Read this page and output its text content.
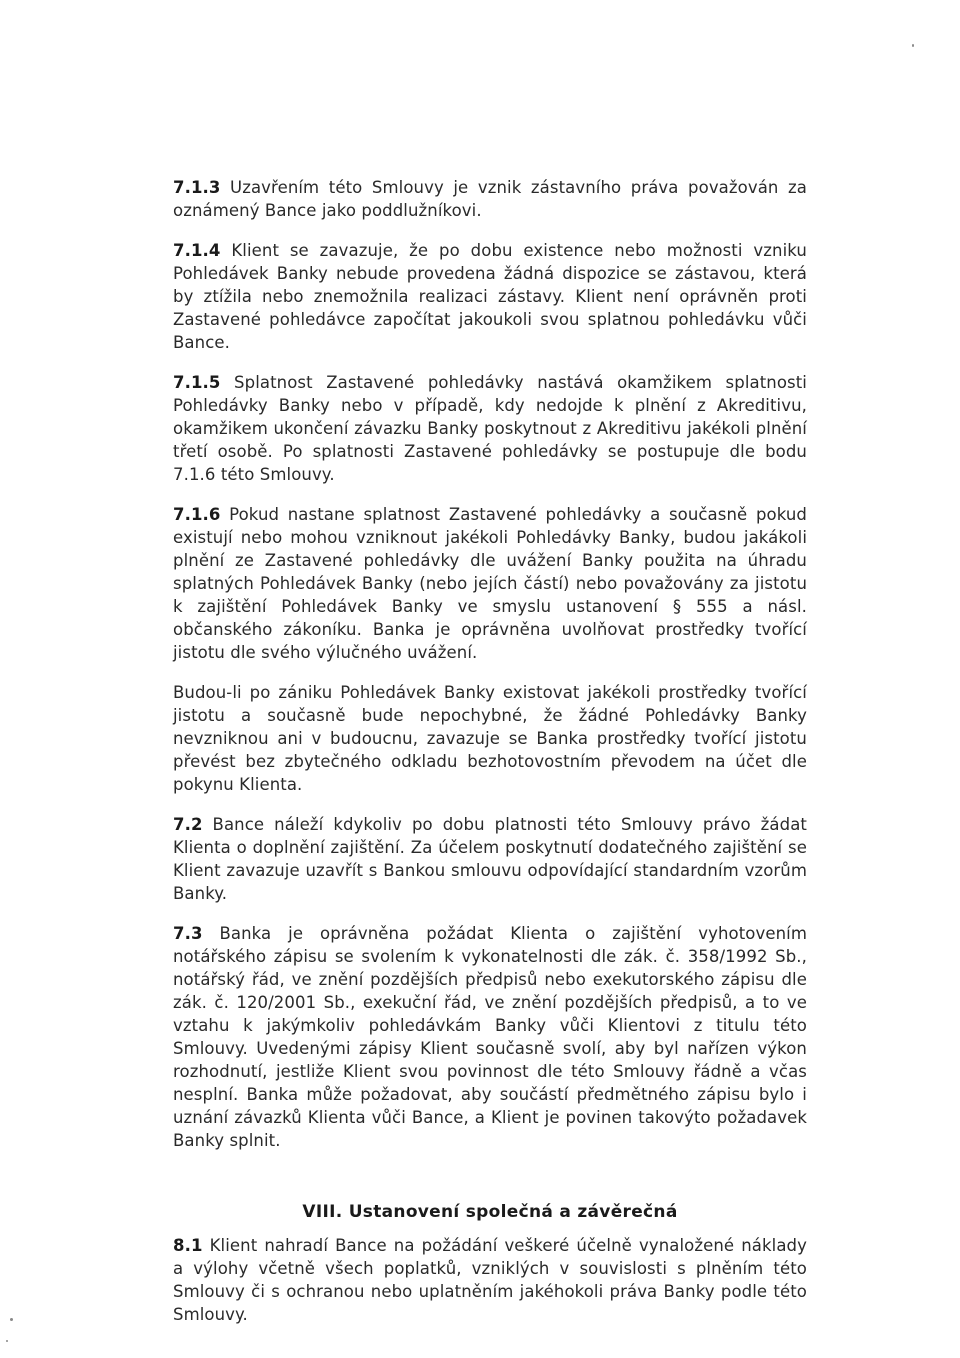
7.1.3 Uzavřením této Smlouvy je vznik zástavního práva považován za oznámený Bance jako poddlužníkovi.

7.1.4 Klient se zavazuje, že po dobu existence nebo možnosti vzniku Pohledávek Banky nebude provedena žádná dispozice se zástavou, která by ztížila nebo znemožnila realizaci zástavy. Klient není oprávněn proti Zastavené pohledávce započítat jakoukoli svou splatnou pohledávku vůči Bance.

7.1.5 Splatnost Zastavené pohledávky nastává okamžikem splatnosti Pohledávky Banky nebo v případě, kdy nedojde k plnění z Akreditivu, okamžikem ukončení závazku Banky poskytnout z Akreditivu jakékoli plnění třetí osobě. Po splatnosti Zastavené pohledávky se postupuje dle bodu 7.1.6 této Smlouvy.

7.1.6 Pokud nastane splatnost Zastavené pohledávky a současně pokud existují nebo mohou vzniknout jakékoli Pohledávky Banky, budou jakákoli plnění ze Zastavené pohledávky dle uvážení Banky použita na úhradu splatných Pohledávek Banky (nebo jejích částí) nebo považovány za jistotu k zajištění Pohledávek Banky ve smyslu ustanovení § 555 a násl. občanského zákoníku. Banka je oprávněna uvolňovat prostředky tvořící jistotu dle svého výlučného uvážení.

Budou-li po zániku Pohledávek Banky existovat jakékoli prostředky tvořící jistotu a současně bude nepochybné, že žádné Pohledávky Banky nevzniknou ani v budoucnu, zavazuje se Banka prostředky tvořící jistotu převést bez zbytečného odkladu bezhotovostním převodem na účet dle pokynu Klienta.

7.2 Bance náleží kdykoliv po dobu platnosti této Smlouvy právo žádat Klienta o doplnění zajištění. Za účelem poskytnutí dodatečného zajištění se Klient zavazuje uzavřít s Bankou smlouvu odpovídající standardním vzorům Banky.

7.3 Banka je oprávněna požádat Klienta o zajištění vyhotovením notářského zápisu se svolením k vykonatelnosti dle zák. č. 358/1992 Sb., notářský řád, ve znění pozdějších předpisů nebo exekutorského zápisu dle zák. č. 120/2001 Sb., exekuční řád, ve znění pozdějších předpisů, a to ve vztahu k jakýmkoliv pohledávkám Banky vůči Klientovi z titulu této Smlouvy. Uvedenými zápisy Klient současně svolí, aby byl nařízen výkon rozhodnutí, jestliže Klient svou povinnost dle této Smlouvy řádně a včas nesplní. Banka může požadovat, aby součástí předmětného zápisu bylo i uznání závazků Klienta vůči Bance, a Klient je povinen takovýto požadavek Banky splnit.

VIII. Ustanovení společná a závěrečná

8.1 Klient nahradí Bance na požádání veškeré účelně vynaložené náklady a výlohy včetně všech poplatků, vzniklých v souvislosti s plněním této Smlouvy či s ochranou nebo uplatněním jakéhokoli práva Banky podle této Smlouvy.
